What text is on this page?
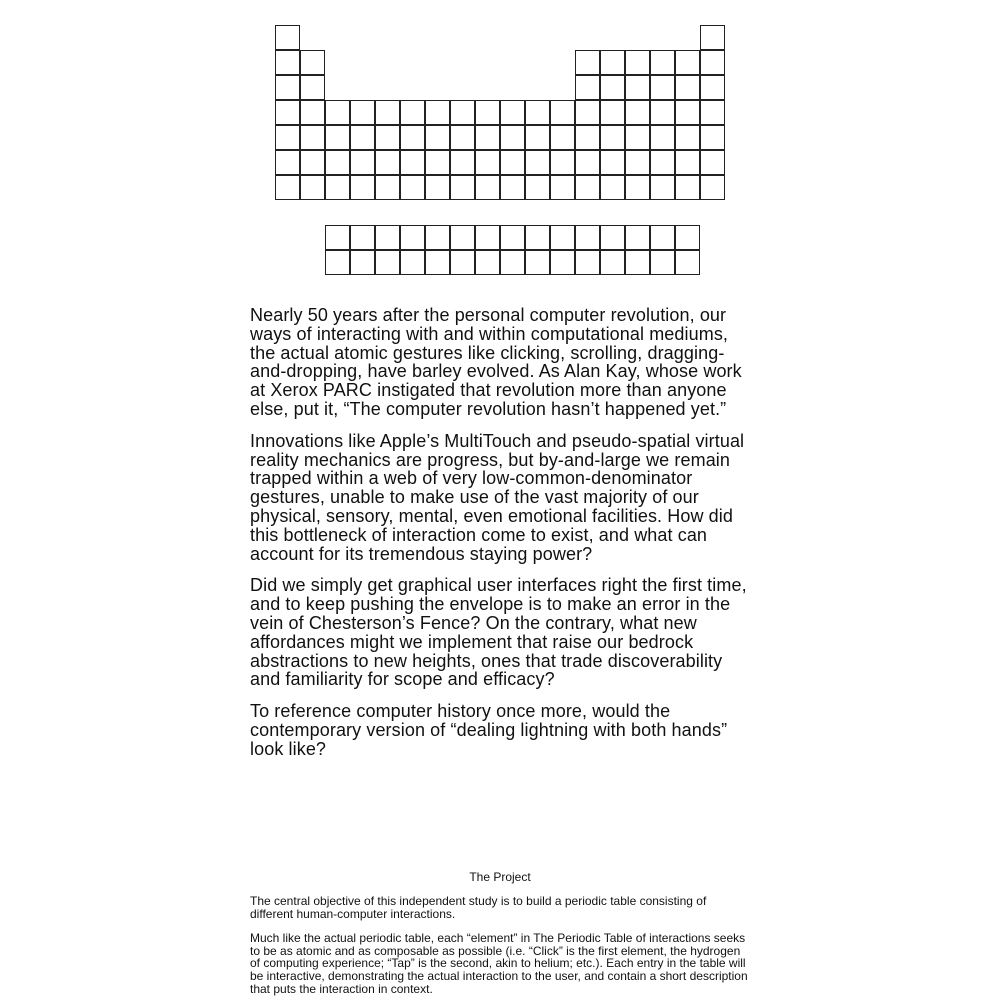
Nearly 50 years after the personal computer revolution, our ways of interacting with and within computational mediums, the actual atomic gestures like clicking, scrolling, dragging-and-dropping, have barley evolved. As Alan Kay, whose work at Xerox PARC instigated that revolution more than anyone else, put it, “The computer revolution hasn’t happened yet.”

Innovations like Apple’s MultiTouch and pseudo-spatial virtual reality mechanics are progress, but by-and-large we remain trapped within a web of very low-common-denominator gestures, unable to make use of the vast majority of our physical, sensory, mental, even emotional facilities. How did this bottleneck of interaction come to exist, and what can account for its tremendous staying power?

Did we simply get graphical user interfaces right the first time, and to keep pushing the envelope is to make an error in the vein of Chesterson’s Fence? On the contrary, what new affordances might we implement that raise our bedrock abstractions to new heights, ones that trade discoverability and familiarity for scope and efficacy?

To reference computer history once more, would the contemporary version of “dealing lightning with both hands” look like?

The Project

The central objective of this independent study is to build a periodic table consisting of different human-computer interactions.

Much like the actual periodic table, each “element” in The Periodic Table of interactions seeks to be as atomic and as composable as possible (i.e. “Click” is the first element, the hydrogen of computing experience; “Tap” is the second, akin to helium; etc.). Each entry in the table will be interactive, demonstrating the actual interaction to the user, and contain a short description that puts the interaction in context.
